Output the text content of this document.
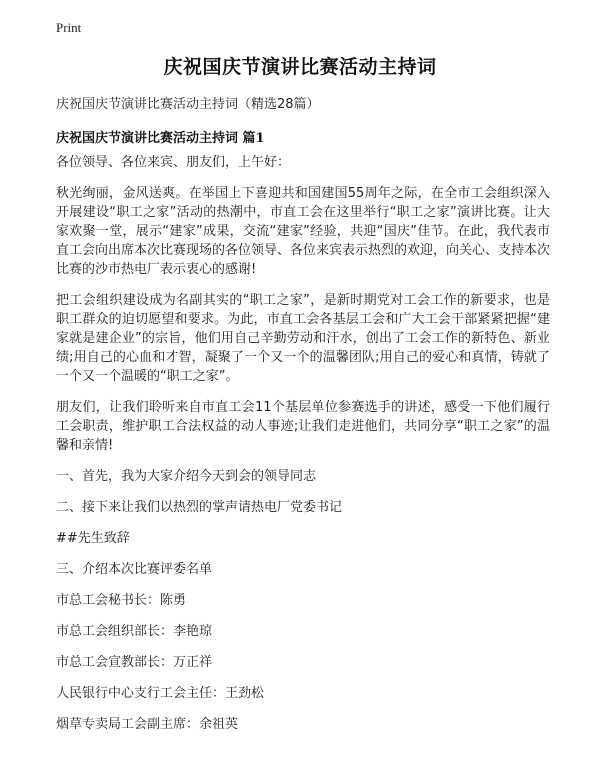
Print
庆祝国庆节演讲比赛活动主持词
庆祝国庆节演讲比赛活动主持词（精选28篇）
庆祝国庆节演讲比赛活动主持词 篇1

各位领导、各位来宾、朋友们，上午好：

秋光绚丽，金风送爽。在举国上下喜迎共和国建国55周年之际，在全市工会组织深入开展建设“职工之家”活动的热潮中，市直工会在这里举行“职工之家”演讲比赛。让大家欢聚一堂，展示“建家”成果，交流“建家”经验，共迎“国庆”佳节。在此，我代表市直工会向出席本次比赛现场的各位领导、各位来宾表示热烈的欢迎，向关心、支持本次比赛的沙市热电厂表示衷心的感谢!

把工会组织建设成为名副其实的“职工之家”，是新时期党对工会工作的新要求，也是职工群众的迫切愿望和要求。为此，市直工会各基层工会和广大工会干部紧紧把握“建家就是建企业”的宗旨，他们用自己辛勤劳动和汗水，创出了工会工作的新特色、新业绩;用自己的心血和才智，凝聚了一个又一个的温馨团队;用自己的爱心和真情，铸就了一个又一个温暖的“职工之家”。

朋友们，让我们聆听来自市直工会11个基层单位参赛选手的讲述，感受一下他们履行工会职责，维护职工合法权益的动人事迹;让我们走进他们，共同分享“职工之家”的温馨和亲情!

一、首先，我为大家介绍今天到会的领导同志

二、接下来让我们以热烈的掌声请热电厂党委书记

##先生致辞

三、介绍本次比赛评委名单

市总工会秘书长：陈勇

市总工会组织部长：李艳琼

市总工会宣教部长：万正祥

人民银行中心支行工会主任：王劲松

烟草专卖局工会副主席：余祖英
